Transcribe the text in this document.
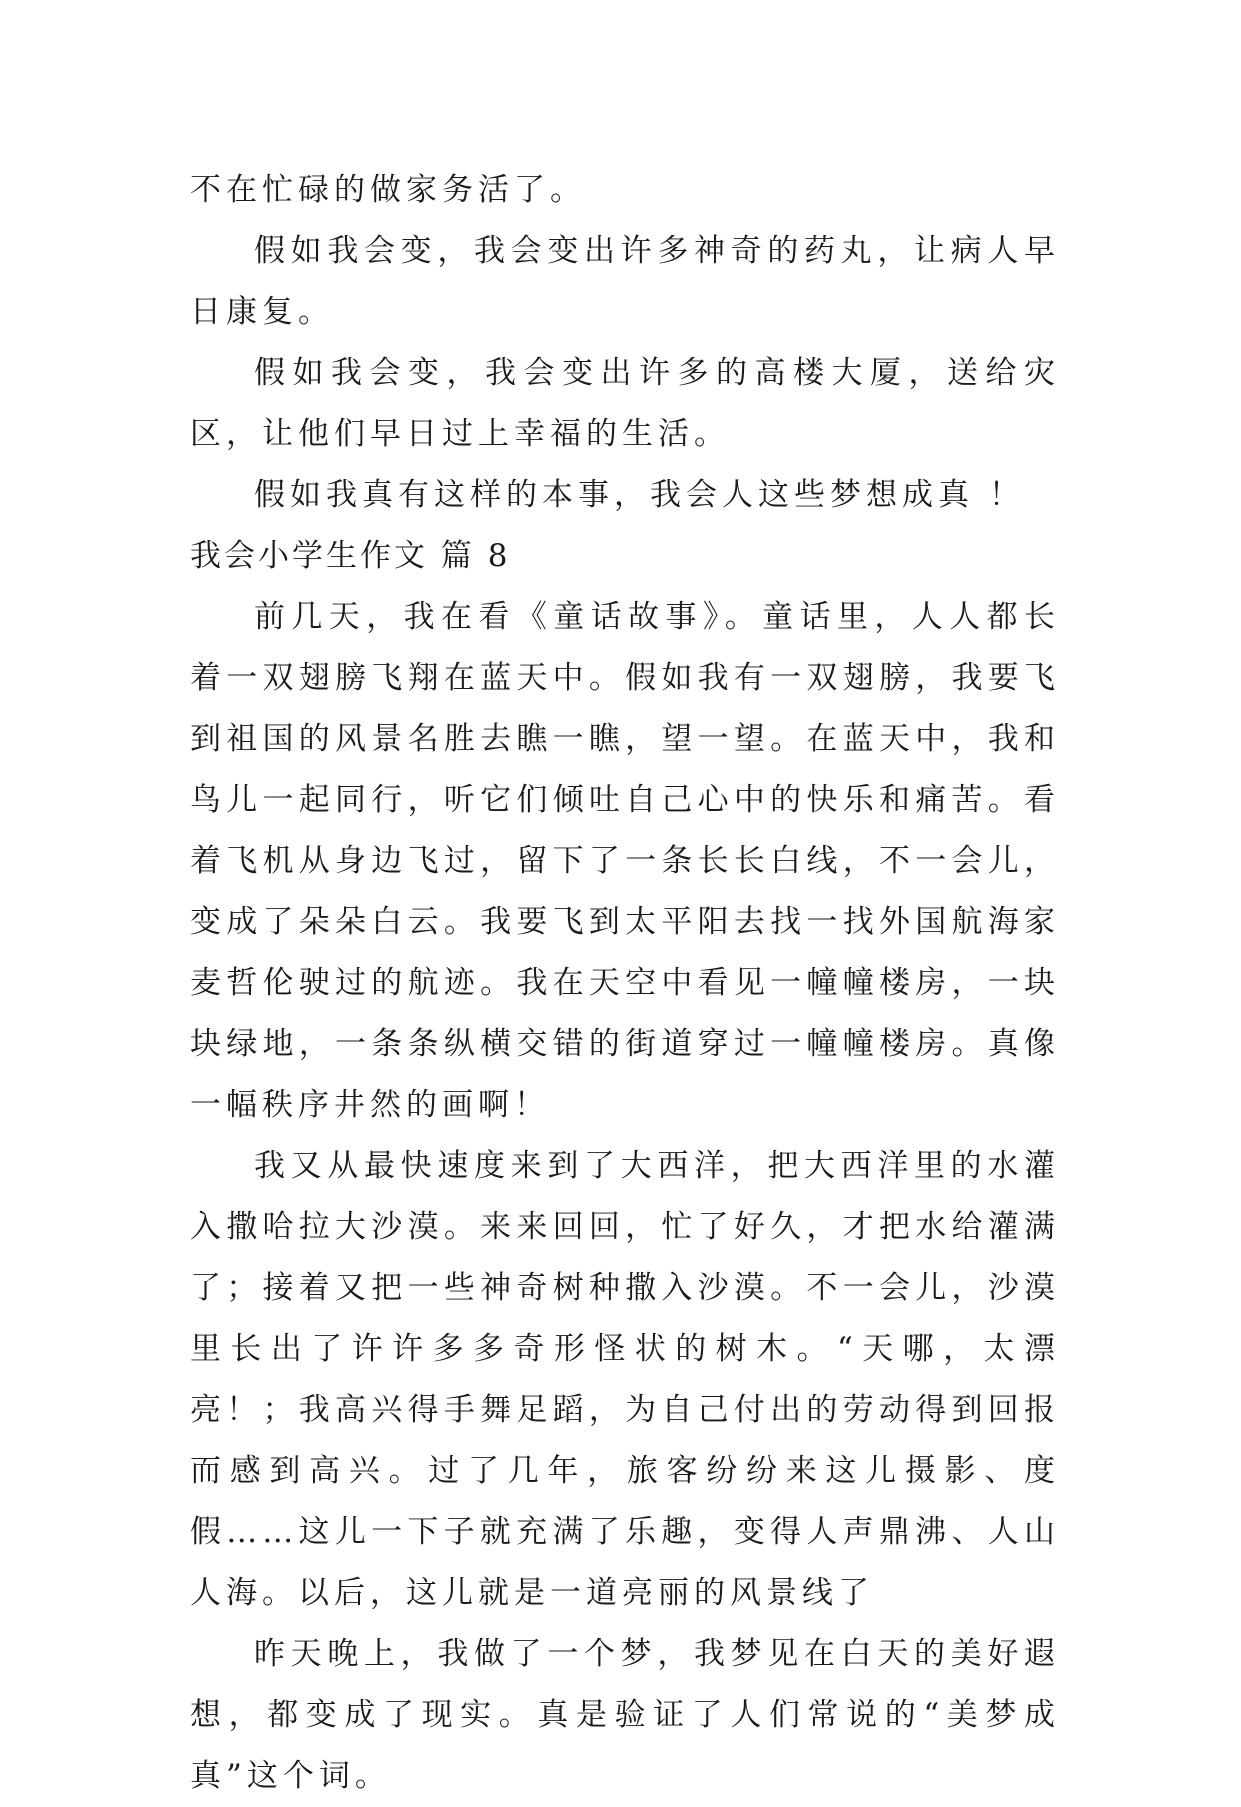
不在忙碌的做家务活了。

假如我会变，我会变出许多神奇的药丸，让病人早日康复。

假如我会变，我会变出许多的高楼大厦，送给灾区，让他们早日过上幸福的生活。

假如我真有这样的本事，我会人这些梦想成真 ！

我会小学生作文 篇 8

前几天，我在看《童话故事》。童话里，人人都长着一双翅膀飞翔在蓝天中。假如我有一双翅膀，我要飞到祖国的风景名胜去瞧一瞧，望一望。在蓝天中，我和鸟儿一起同行，听它们倾吐自己心中的快乐和痛苦。看着飞机从身边飞过，留下了一条长长白线，不一会儿，变成了朵朵白云。我要飞到太平阳去找一找外国航海家麦哲伦驶过的航迹。我在天空中看见一幢幢楼房，一块块绿地，一条条纵横交错的街道穿过一幢幢楼房。真像一幅秩序井然的画啊！

我又从最快速度来到了大西洋，把大西洋里的水灌入撒哈拉大沙漠。来来回回，忙了好久，才把水给灌满了；接着又把一些神奇树种撒入沙漠。不一会儿，沙漠里长出了许许多多奇形怪状的树木。“天哪，太漂亮！；我高兴得手舞足蹈，为自己付出的劳动得到回报而感到高兴。过了几年，旅客纷纷来这儿摄影、度假……这儿一下子就充满了乐趣，变得人声鼎沸、人山人海。以后，这儿就是一道亮丽的风景线了

昨天晚上，我做了一个梦，我梦见在白天的美好遐想，都变成了现实。真是验证了人们常说的“美梦成真”这个词。
